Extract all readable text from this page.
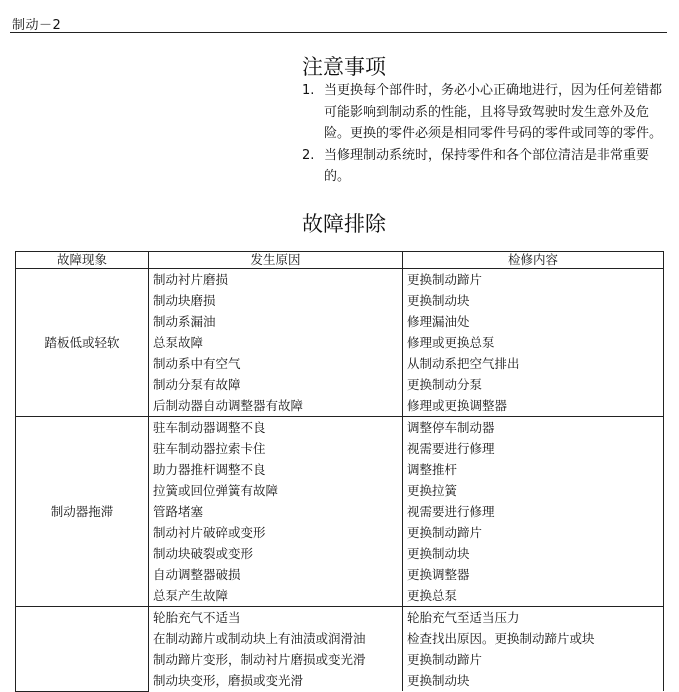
制动－2
注意事项
1. 当更换每个部件时，务必小心正确地进行，因为任何差错都可能影响到制动系的性能，且将导致驾驶时发生意外及危险。更换的零件必须是相同零件号码的零件或同等的零件。
2. 当修理制动系统时，保持零件和各个部位清洁是非常重要的。
故障排除
故障现象	发生原因	检修内容
踏板低或轻软	制动衬片磨损	更换制动蹄片
	制动块磨损	更换制动块
	制动系漏油	修理漏油处
	总泵故障	修理或更换总泵
	制动系中有空气	从制动系把空气排出
	制动分泵有故障	更换制动分泵
	后制动器自动调整器有故障	修理或更换调整器
制动器拖滞	驻车制动器调整不良	调整停车制动器
	驻车制动器拉索卡住	视需要进行修理
	助力器推杆调整不良	调整推杆
	拉簧或回位弹簧有故障	更换拉簧
	管路堵塞	视需要进行修理
	制动衬片破碎或变形	更换制动蹄片
	制动块破裂或变形	更换制动块
	自动调整器破损	更换调整器
	总泵产生故障	更换总泵
	轮胎充气不适当	轮胎充气至适当压力
	在制动蹄片或制动块上有油渍或润滑油	检查找出原因。更换制动蹄片或块
	制动蹄片变形，制动衬片磨损或变光滑	更换制动蹄片
	制动块变形，磨损或变光滑	更换制动块
